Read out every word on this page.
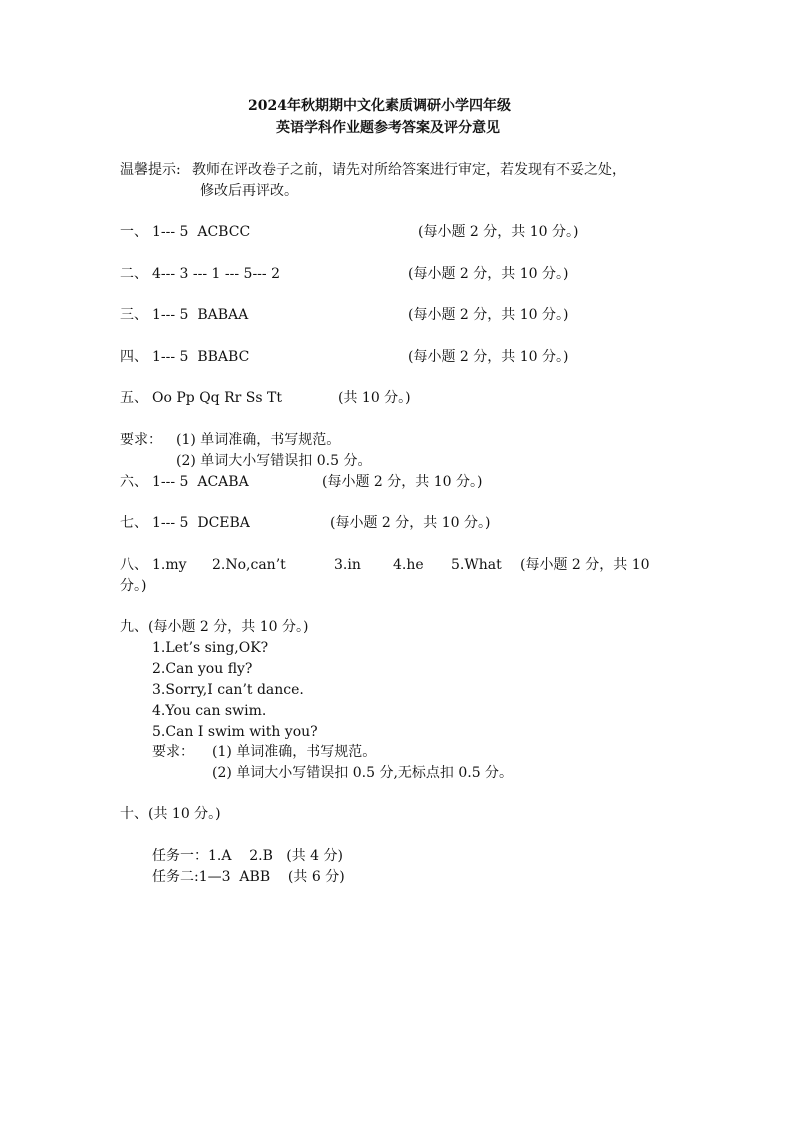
2024年秋期期中文化素质调研小学四年级
英语学科作业题参考答案及评分意见
温馨提示: 教师在评改卷子之前，请先对所给答案进行审定，若发现有不妥之处，
修改后再评改。
一、 1--- 5  ACBCC	(每小题 2 分，共 10 分。)
二、 4--- 3 --- 1 --- 5--- 2	(每小题 2 分，共 10 分。)
三、 1--- 5  BABAA	(每小题 2 分，共 10 分。)
四、 1--- 5  BBABC	(每小题 2 分，共 10 分。)
五、 Oo Pp Qq Rr Ss Tt	(共 10 分。)
要求： (1) 单词准确，书写规范。
(2) 单词大小写错误扣 0.5 分。
六、 1--- 5  ACABA	(每小题 2 分，共 10 分。)
七、 1--- 5  DCEBA	(每小题 2 分，共 10 分。)
八、 1.my 2.No,can’t	3.in 4.he 5.What (每小题 2 分，共 10
分。)
九、 (每小题 2 分，共 10 分。)
1.Let’s sing,OK?
2.Can you fly?
3.Sorry,I can’t dance.
4.You can swim.
5.Can I swim with you?
要求： (1) 单词准确，书写规范。
(2) 单词大小写错误扣 0.5 分,无标点扣 0.5 分。
十、 (共 10 分。)
任务一：1.A    2.B   (共 4 分)
任务二:1—3  ABB    (共 6 分)
